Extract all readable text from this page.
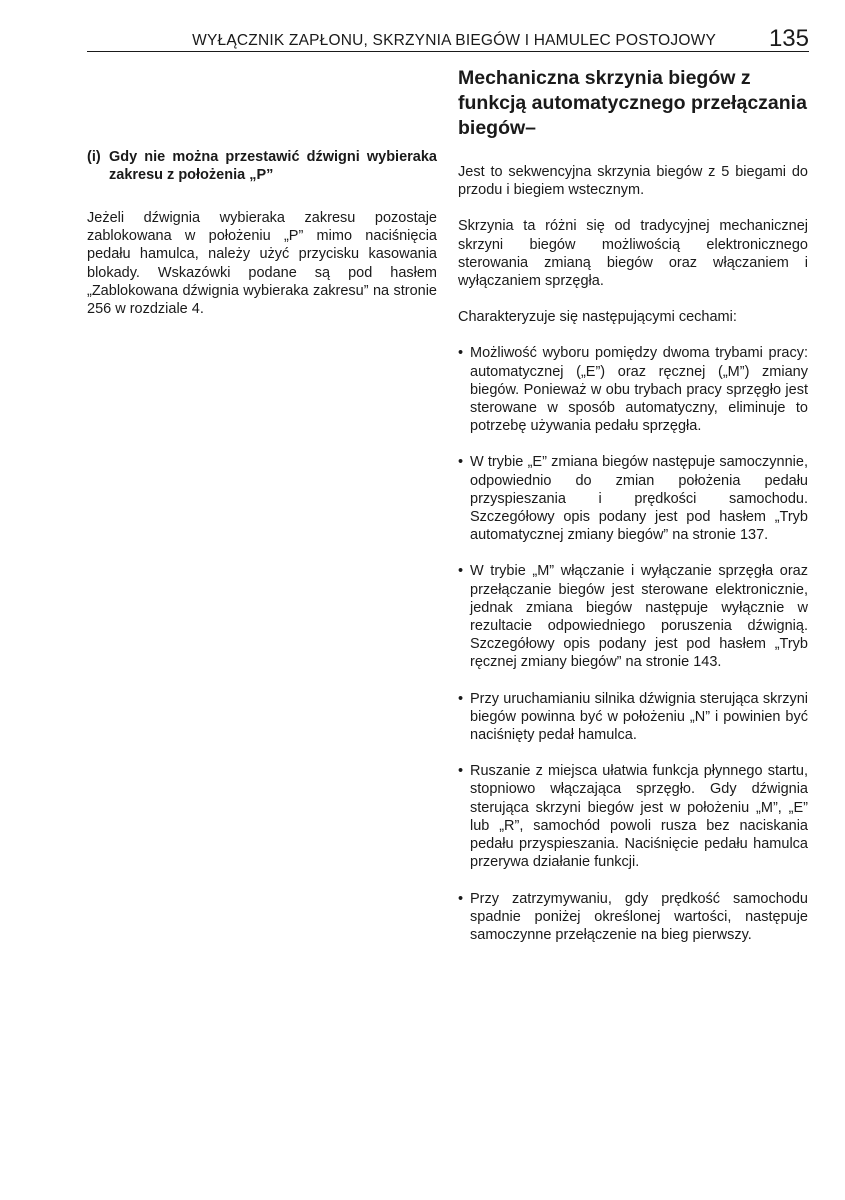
WYŁĄCZNIK ZAPŁONU, SKRZYNIA BIEGÓW I HAMULEC POSTOJOWY 135
(i) Gdy nie można przestawić dźwigni wybieraka zakresu z położenia „P”

Jeżeli dźwignia wybieraka zakresu pozostaje zablokowana w położeniu „P” mimo naciśnięcia pedału hamulca, należy użyć przycisku kasowania blokady. Wskazówki podane są pod hasłem „Zablokowana dźwignia wybieraka zakresu” na stronie 256 w rozdziale 4.

Mechaniczna skrzynia biegów z funkcją automatycznego przełączania biegów–

Jest to sekwencyjna skrzynia biegów z 5 biegami do przodu i biegiem wstecznym.

Skrzynia ta różni się od tradycyjnej mechanicznej skrzyni biegów możliwością elektronicznego sterowania zmianą biegów oraz włączaniem i wyłączaniem sprzęgła.

Charakteryzuje się następującymi cechami:

• Możliwość wyboru pomiędzy dwoma trybami pracy: automatycznej („E”) oraz ręcznej („M”) zmiany biegów. Ponieważ w obu trybach pracy sprzęgło jest sterowane w sposób automatyczny, eliminuje to potrzebę używania pedału sprzęgła.
• W trybie „E” zmiana biegów następuje samoczynnie, odpowiednio do zmian położenia pedału przyspieszania i prędkości samochodu. Szczegółowy opis podany jest pod hasłem „Tryb automatycznej zmiany biegów” na stronie 137.
• W trybie „M” włączanie i wyłączanie sprzęgła oraz przełączanie biegów jest sterowane elektronicznie, jednak zmiana biegów następuje wyłącznie w rezultacie odpowiedniego poruszenia dźwignią. Szczegółowy opis podany jest pod hasłem „Tryb ręcznej zmiany biegów” na stronie 143.
• Przy uruchamianiu silnika dźwignia sterująca skrzyni biegów powinna być w położeniu „N” i powinien być naciśnięty pedał hamulca.
• Ruszanie z miejsca ułatwia funkcja płynnego startu, stopniowo włączająca sprzęgło. Gdy dźwignia sterująca skrzyni biegów jest w położeniu „M”, „E” lub „R”, samochód powoli rusza bez naciskania pedału przyspieszania. Naciśnięcie pedału hamulca przerywa działanie funkcji.
• Przy zatrzymywaniu, gdy prędkość samochodu spadnie poniżej określonej wartości, następuje samoczynne przełączenie na bieg pierwszy.
